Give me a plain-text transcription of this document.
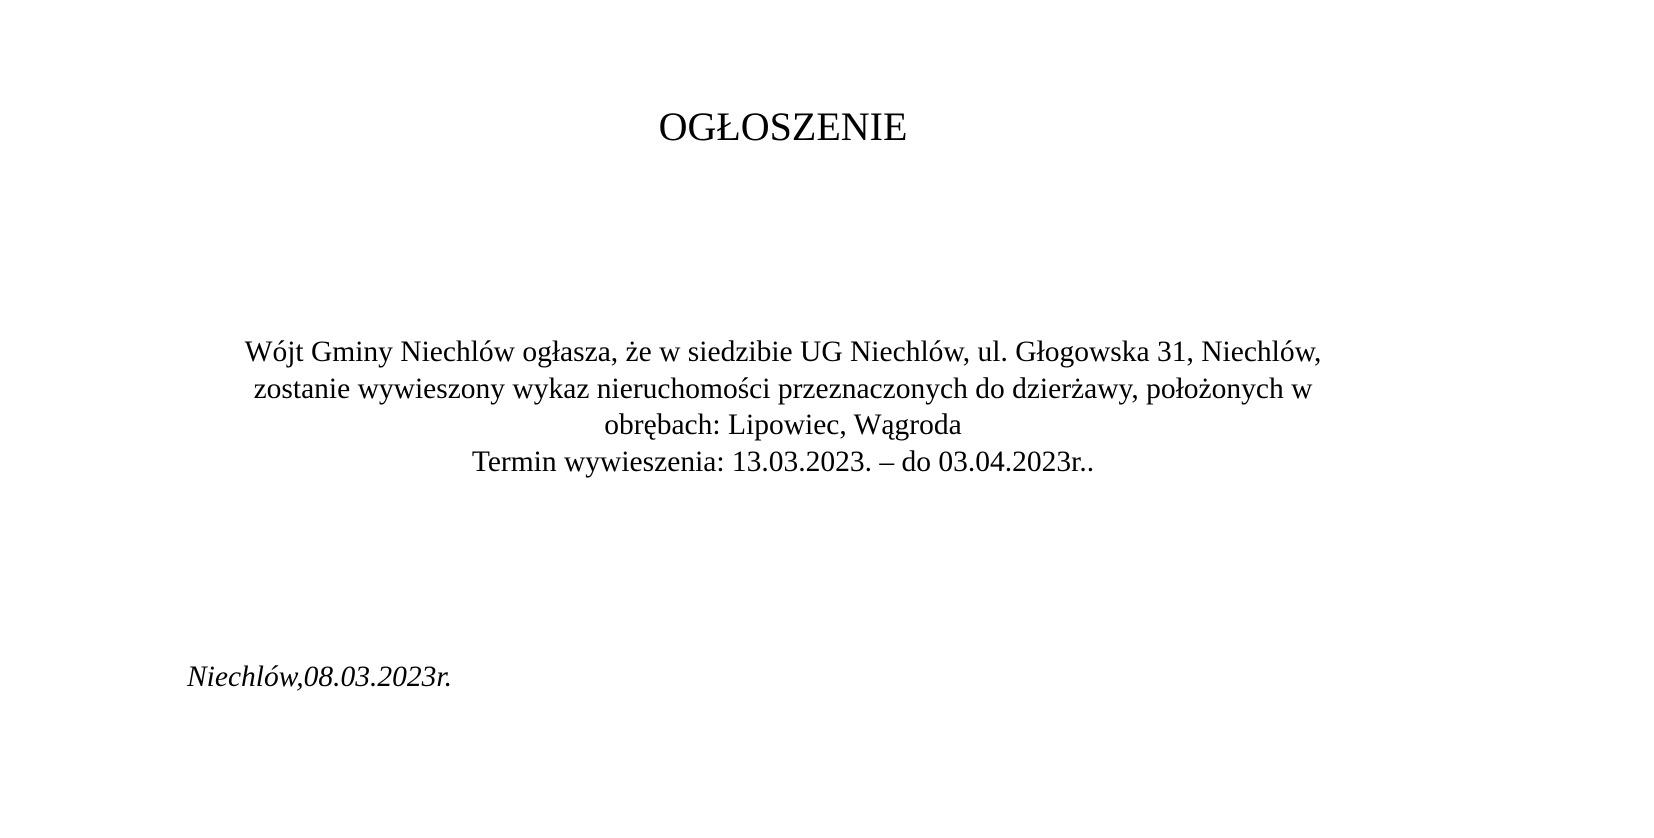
OGŁOSZENIE
Wójt Gminy Niechlów ogłasza, że w siedzibie UG Niechlów, ul. Głogowska 31, Niechlów,
zostanie wywieszony wykaz nieruchomości przeznaczonych do dzierżawy, położonych w
obrębach: Lipowiec, Wągroda
Termin wywieszenia: 13.03.2023. – do 03.04.2023r..
Niechlów,08.03.2023r.
